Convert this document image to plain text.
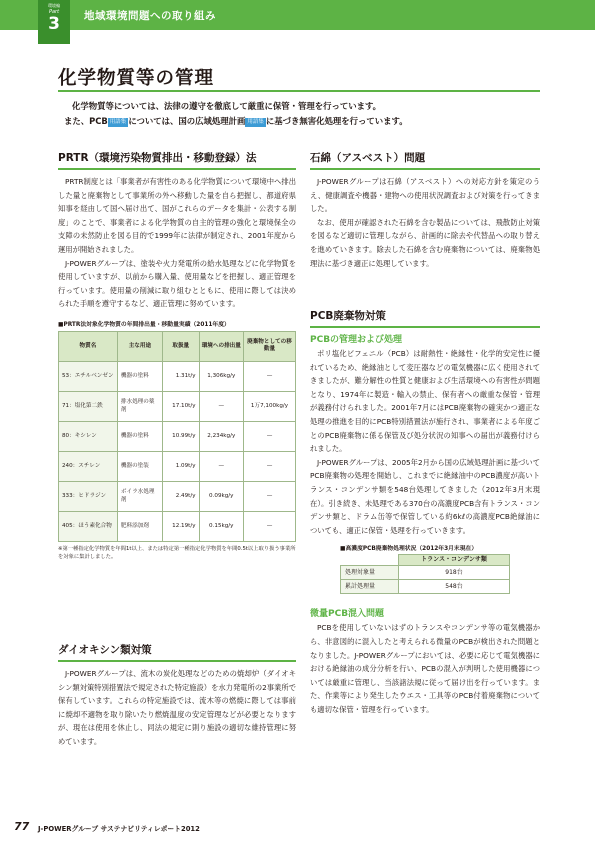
環境編
Part
3	地域環境問題への取り組み
化学物質等の管理
化学物質等については、法律の遵守を徹底して厳重に保管・管理を行っています。
また、PCB 用語集 については、国の広域処理計画 用語集 に基づき無害化処理を行っています。
PRTR（環境汚染物質排出・移動登録）法
PRTR制度とは「事業者が有害性のある化学物質について環境中へ排出した量と廃棄物として事業所の外へ移動した量を自ら把握し、都道府県知事を経由して国へ届け出て、国がこれらのデータを集計・公表する制度」のことで、事業者による化学物質の自主的管理の強化と環境保全の支障の未然防止を図る目的で1999年に法律が制定され、2001年度から運用が開始されました。
J-POWERグループは、塗装や火力発電所の給水処理などに化学物質を使用していますが、以前から購入量、使用量などを把握し、適正管理を行っています。使用量の削減に取り組むとともに、使用に際しては決められた手順を遵守するなど、適正管理に努めています。
■PRTR法対象化学物質の年間排出量・移動量実績（2011年度）
物質名	主な用途	取扱量	環境への排出量	廃棄物としての移動量
53：エチルベンゼン	機器の塗料	1.31t/y	1,306kg/y	—
71：塩化第二鉄	排水処理の薬剤	17.10t/y	—	1万7,100kg/y
80：キシレン	機器の塗料	10.99t/y	2,234kg/y	—
240：スチレン	機器の塗装	1.09t/y	—	—
333：ヒドラジン	ボイラ水処理剤	2.49t/y	0.09kg/y	—
405：ほう素化合物	肥料添加剤	12.19t/y	0.15kg/y	—
※第一種指定化学物質を年間1t以上、または特定第一種指定化学物質を年間0.5t以上取り扱う事業所を対象に集計しました。
ダイオキシン類対策
J-POWERグループは、流木の炭化処理などのための焼却炉（ダイオキシン類対策特別措置法で規定された特定施設）を水力発電所の2事業所で保有しています。これらの特定施設では、流木等の燃焼に際しては事前に焼却不適物を取り除いたり燃焼温度の安定管理などが必要となりますが、現在は使用を休止し、同法の規定に則り施設の適切な維持管理に努めています。
石綿（アスベスト）問題
J-POWERグループは石綿（アスベスト）への対応方針を策定のうえ、健康調査や機器・建物への使用状況調査および対策を行ってきました。
なお、使用が確認された石綿を含む製品については、飛散防止対策を図るなど適切に管理しながら、計画的に除去や代替品への取り替えを進めていきます。除去した石綿を含む廃棄物については、廃棄物処理法に基づき適正に処理しています。
PCB廃棄物対策
PCBの管理および処理
ポリ塩化ビフェニル（PCB）は耐熱性・絶縁性・化学的安定性に優れているため、絶縁油として変圧器などの電気機器に広く使用されてきましたが、難分解性の性質と健康および生活環境への有害性が問題となり、1974年に製造・輸入の禁止、保有者への厳重な保管・管理が義務付けられました。2001年7月にはPCB廃棄物の確実かつ適正な処理の推進を目的にPCB特別措置法が施行され、事業者による年度ごとのPCB廃棄物に係る保管及び処分状況の知事への届出が義務付けられました。
J-POWERグループは、2005年2月から国の広域処理計画に基づいてPCB廃棄物の処理を開始し、これまでに絶縁油中のPCB濃度が高いトランス・コンデンサ類を548台処理してきました（2012年3月末現在）。引き続き、未処理である370台の高濃度PCB含有トランス・コンデンサ類と、ドラム缶等で保管している約6kℓの高濃度PCB絶縁油についても、適正に保管・処理を行っていきます。
■高濃度PCB廃棄物処理状況（2012年3月末現在）
	トランス・コンデンサ類
処理対象量	918台
累計処理量	548台
微量PCB混入問題
PCBを使用していないはずのトランスやコンデンサ等の電気機器から、非意図的に混入したと考えられる微量のPCBが検出された問題となりました。J-POWERグループにおいては、必要に応じて電気機器における絶縁油の成分分析を行い、PCBの混入が判明した使用機器については厳重に管理し、当該諸法規に従って届け出を行っています。また、作業等により発生したウエス・工具等のPCB付着廃棄物についても適切な保管・管理を行っています。
77 J-POWERグループ サステナビリティレポート2012
